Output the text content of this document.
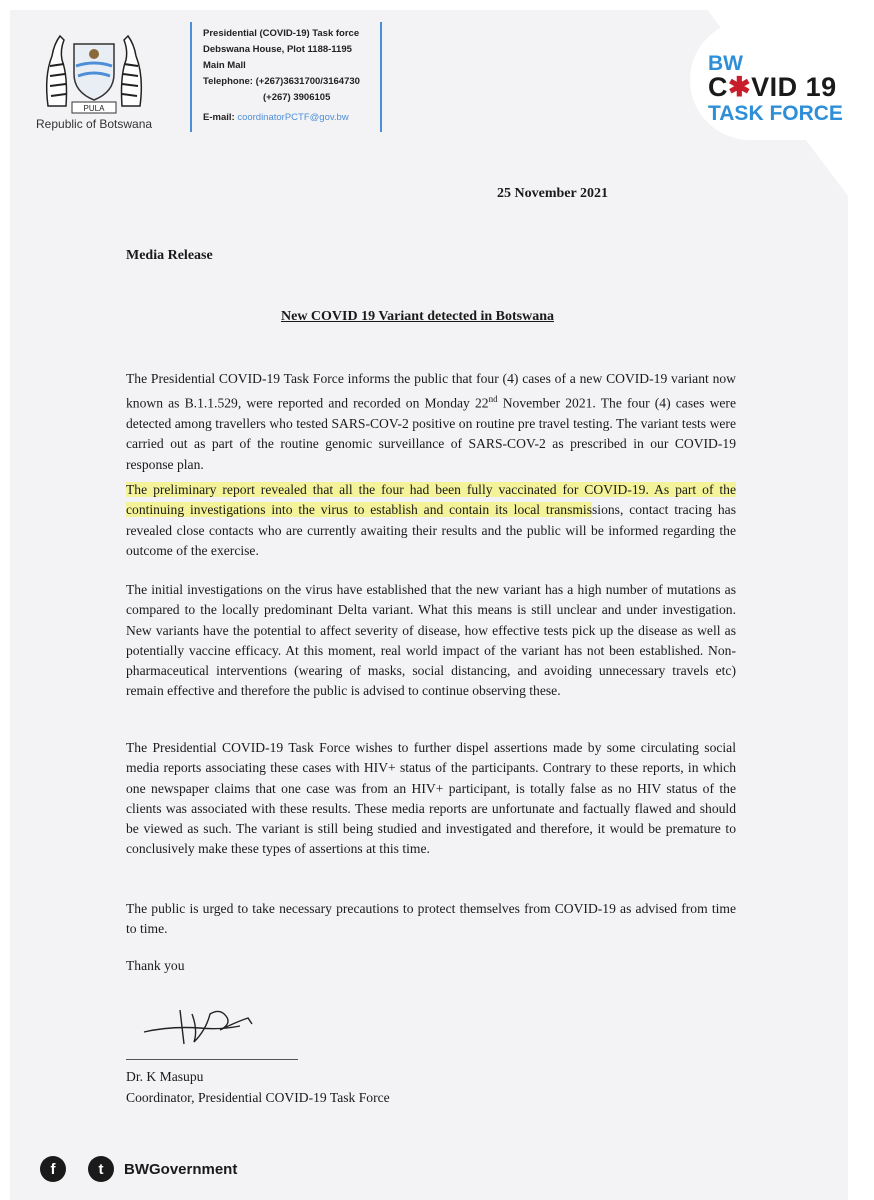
PULA
Republic of Botswana
Presidential (COVID-19) Task force
Debswana House, Plot 1188-1195
Main Mall
Telephone: (+267)3631700/3164730
(+267) 3906105
E-mail: coordinatorPCTF@gov.bw
BW
C✱VID 19
TASK FORCE
25 November 2021
Media Release
New COVID 19 Variant detected in Botswana
The Presidential COVID-19 Task Force informs the public that four (4) cases of a new COVID-19 variant now known as B.1.1.529, were reported and recorded on Monday 22nd November 2021. The four (4) cases were detected among travellers who tested SARS-COV-2 positive on routine pre travel testing. The variant tests were carried out as part of the routine genomic surveillance of SARS-COV-2 as prescribed in our COVID-19 response plan.
The preliminary report revealed that all the four had been fully vaccinated for COVID-19. As part of the continuing investigations into the virus to establish and contain its local transmissions, contact tracing has revealed close contacts who are currently awaiting their results and the public will be informed regarding the outcome of the exercise.
The initial investigations on the virus have established that the new variant has a high number of mutations as compared to the locally predominant Delta variant. What this means is still unclear and under investigation. New variants have the potential to affect severity of disease, how effective tests pick up the disease as well as potentially vaccine efficacy. At this moment, real world impact of the variant has not been established. Non-pharmaceutical interventions (wearing of masks, social distancing, and avoiding unnecessary travels etc) remain effective and therefore the public is advised to continue observing these.
The Presidential COVID-19 Task Force wishes to further dispel assertions made by some circulating social media reports associating these cases with HIV+ status of the participants. Contrary to these reports, in which one newspaper claims that one case was from an HIV+ participant, is totally false as no HIV status of the clients was associated with these results. These media reports are unfortunate and factually flawed and should be viewed as such. The variant is still being studied and investigated and therefore, it would be premature to conclusively make these types of assertions at this time.
The public is urged to take necessary precautions to protect themselves from COVID-19 as advised from time to time.
Thank you
Dr. K Masupu
Coordinator, Presidential COVID-19 Task Force
f	t	BWGovernment
